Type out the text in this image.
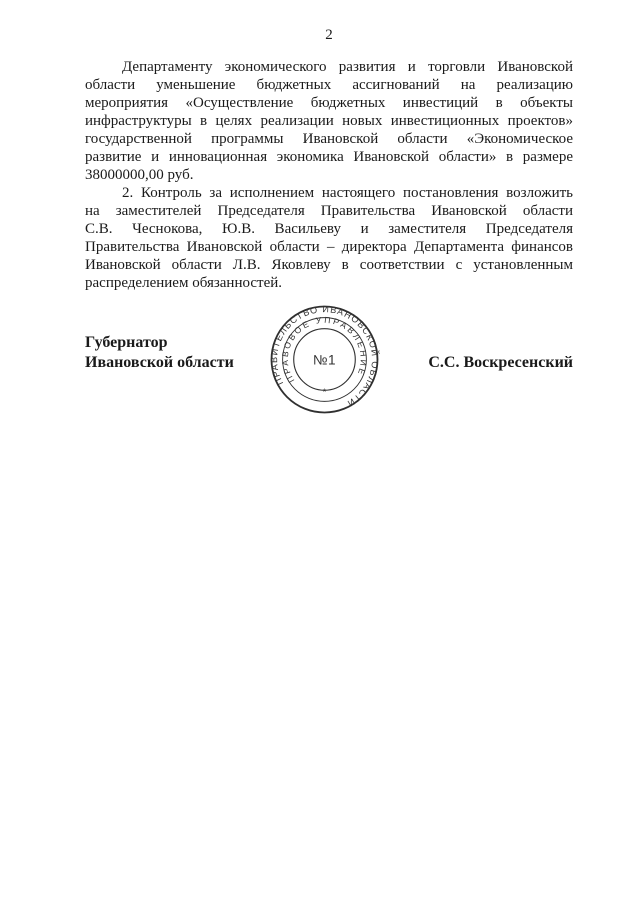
2
Департаменту экономического развития и торговли Ивановской
области уменьшение бюджетных ассигнований на реализацию
мероприятия «Осуществление бюджетных инвестиций в объекты
инфраструктуры в целях реализации новых инвестиционных проектов»
государственной программы Ивановской области «Экономическое
развитие и инновационная экономика Ивановской области» в размере
38000000,00 руб.
2. Контроль за исполнением настоящего постановления возложить
на заместителей Председателя Правительства Ивановской области
С.В. Чеснокова, Ю.В. Васильеву и заместителя Председателя
Правительства Ивановской области – директора Департамента финансов
Ивановской области Л.В. Яковлеву в соответствии с установленным
распределением обязанностей.
Губернатор
Ивановской области
ПРАВИТЕЛЬСТВО ИВАНОВСКОЙ ОБЛАСТИ
ПРАВОВОЕ УПРАВЛЕНИЕ
№1
*
С.С. Воскресенский
